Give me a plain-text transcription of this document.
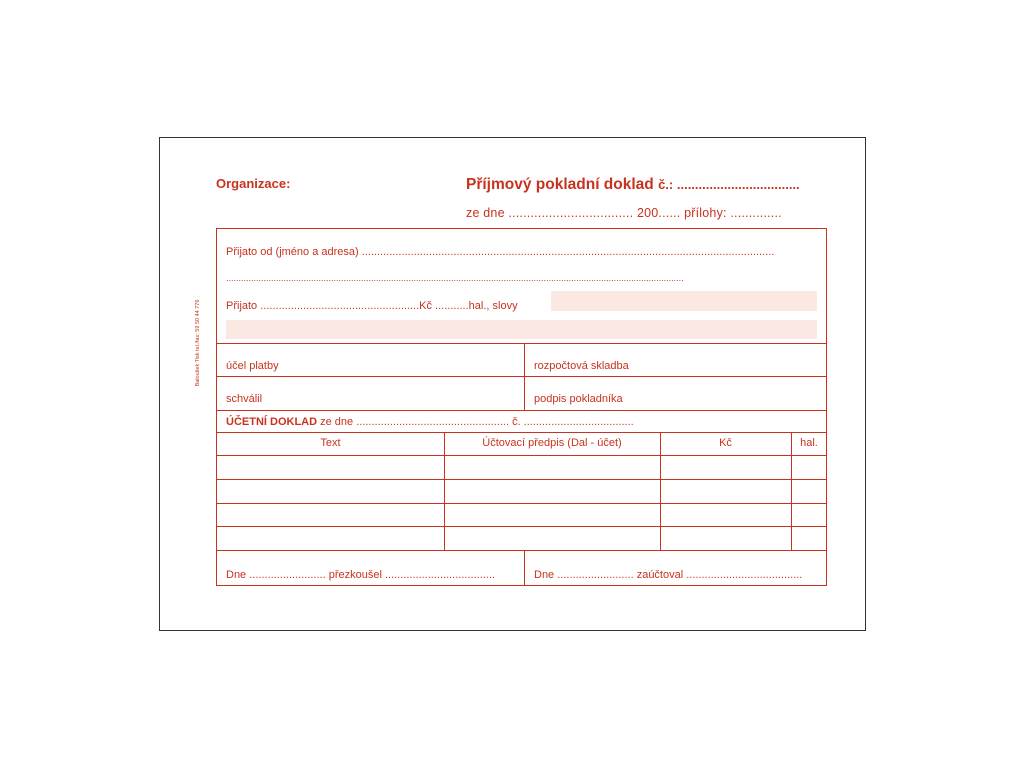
Organizace:	Příjmový pokladní doklad č.: ..................................
ze dne .................................. 200...... přílohy: ..............
Baloušek Tisk tel./fax: 59 50 44 776
Přijato od (jméno a adresa) .......................................................................................................................................
.......................................................................................................................................................................................
Přijato ....................................................Kč ...........hal., slovy
účel platby	rozpočtová skladba
schválil	podpis pokladníka
ÚČETNÍ DOKLAD ze dne .................................................. č. ....................................
Text	Účtovací předpis (Dal - účet)	Kč	hal.
Dne ......................... přezkoušel ....................................	Dne ......................... zaúčtoval ......................................
